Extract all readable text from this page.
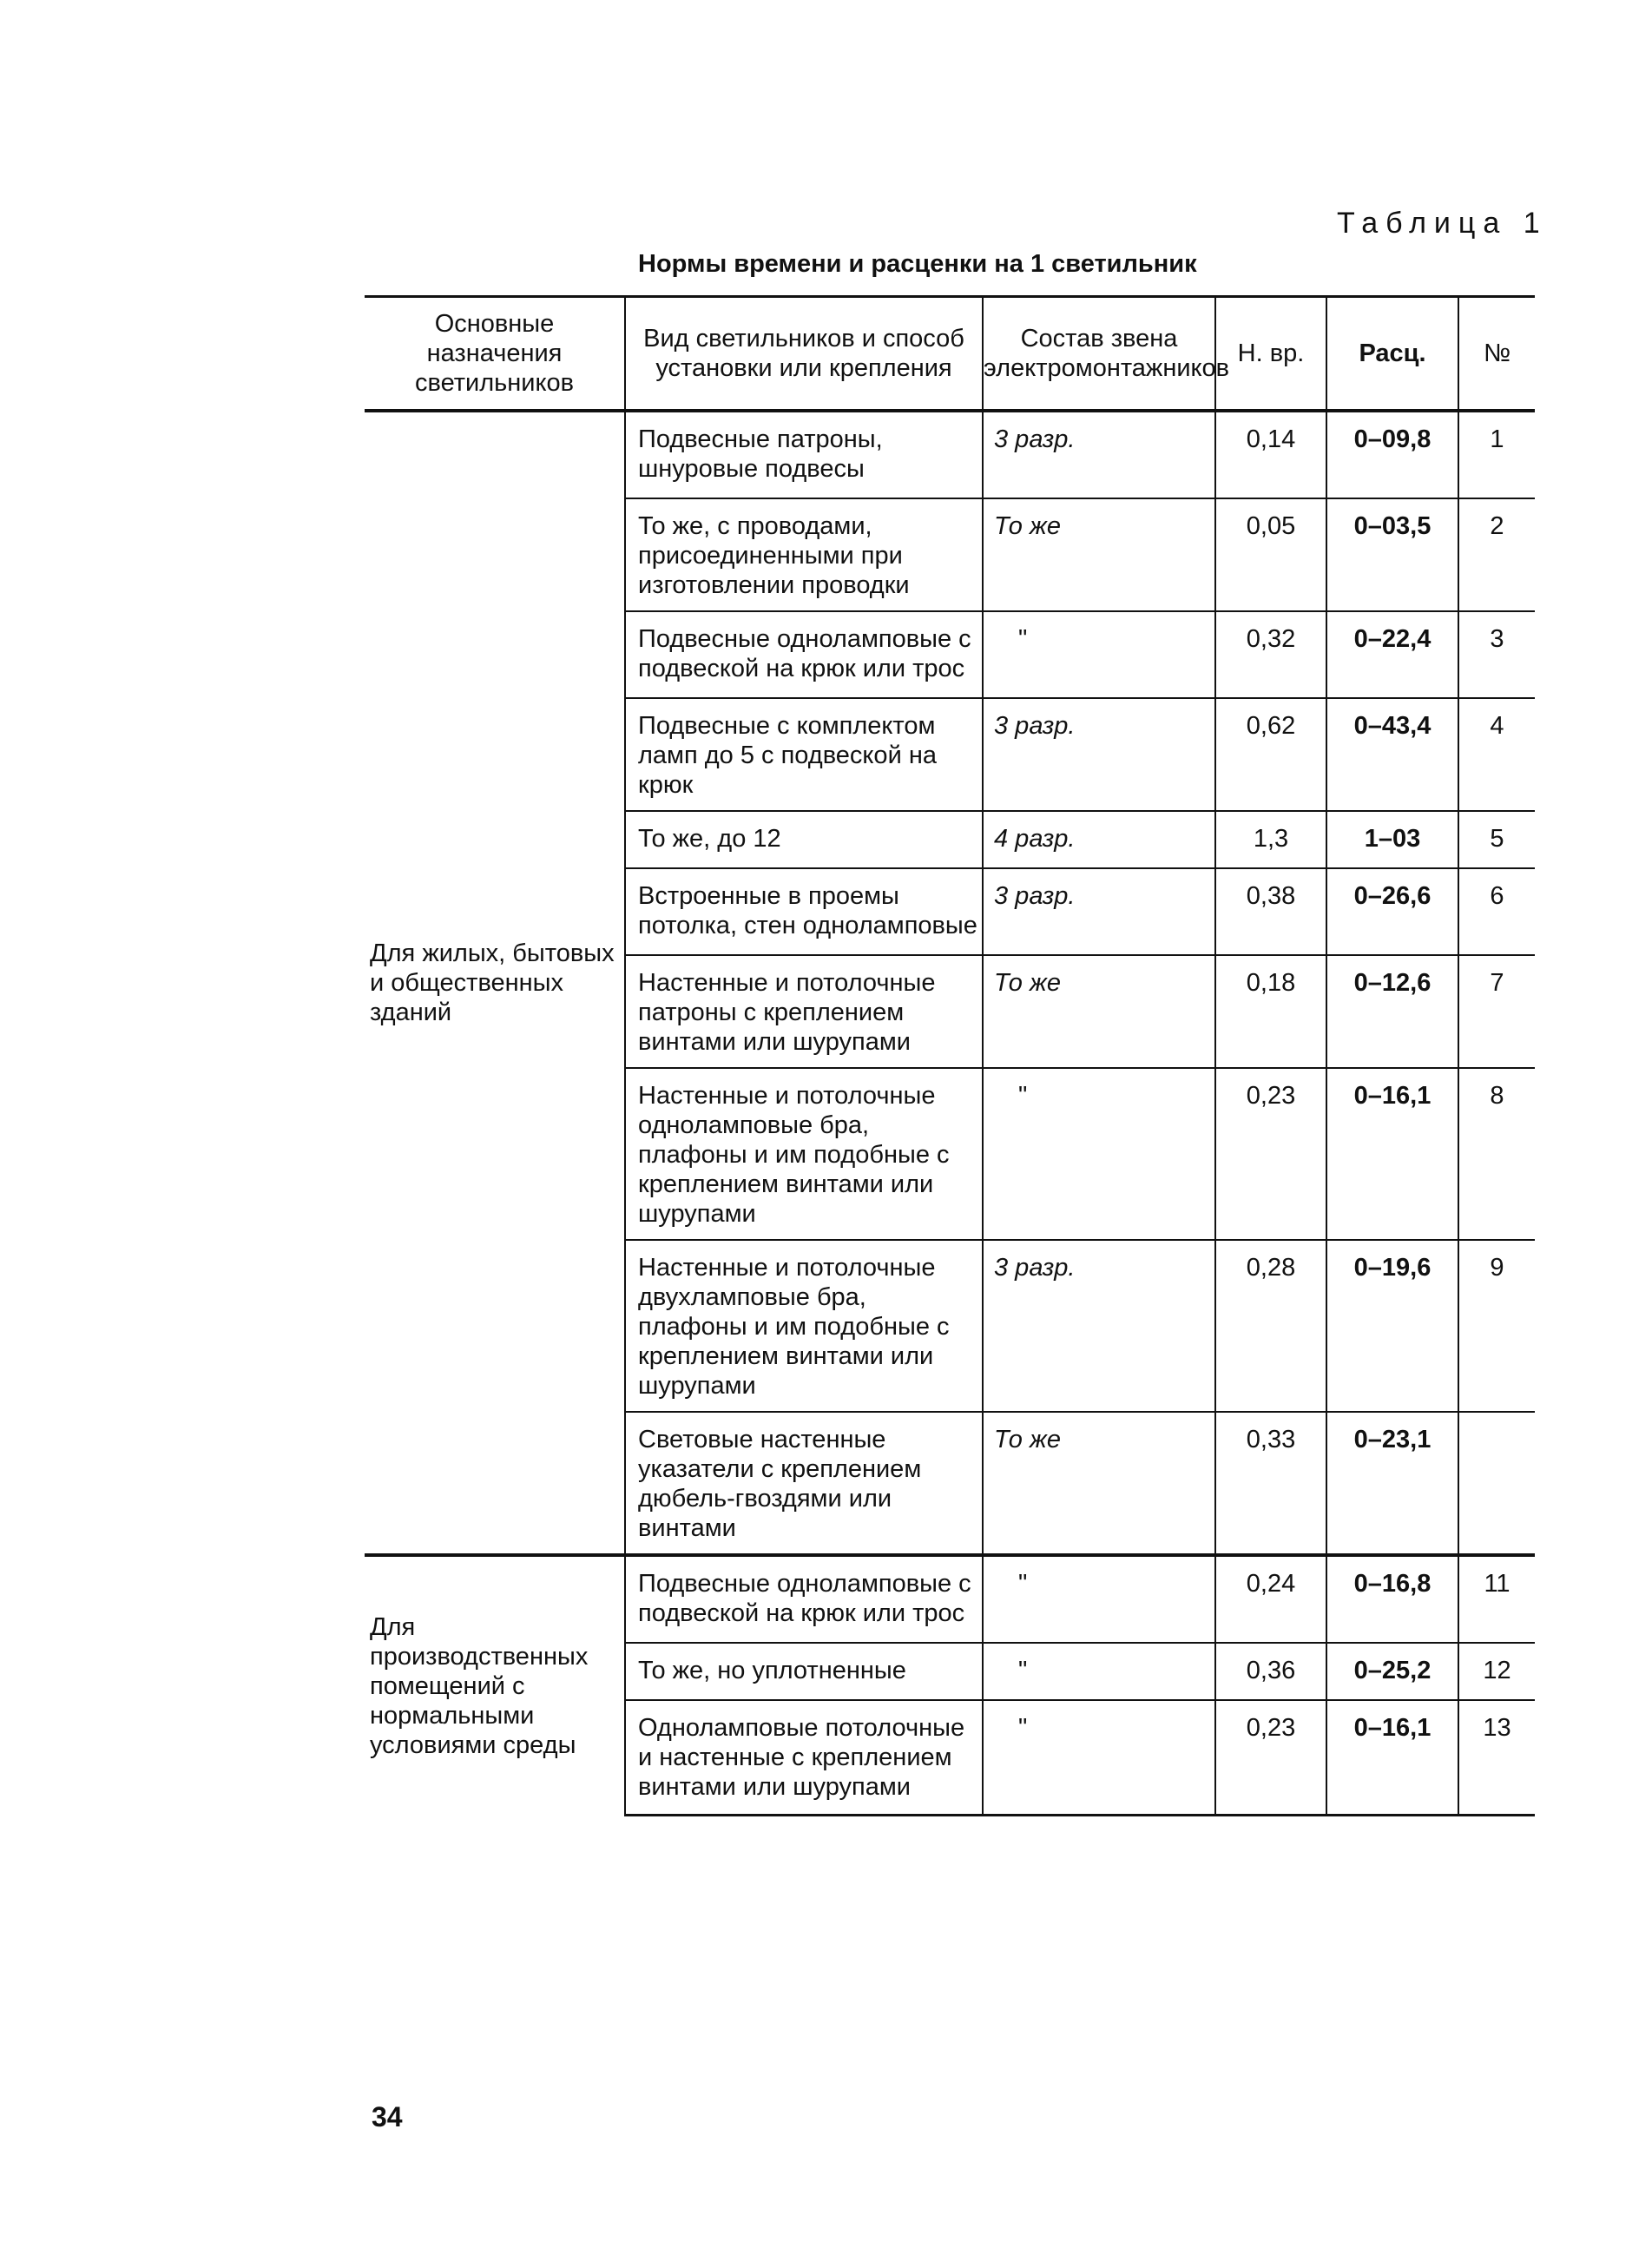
Таблица 1
Нормы времени и расценки на 1 светильник
Основные назначения светильников	Вид светильников и способ установки или крепления	Состав звена электромонтажников	Н. вр.	Расц.	№
Для жилых, бытовых и общественных зданий	Подвесные патроны, шнуровые подвесы	3 разр.	0,14	0–09,8	1
	То же, с проводами, присоединенными при изготовлении проводки	То же	0,05	0–03,5	2
	Подвесные одноламповые с подвеской на крюк или трос	"	0,32	0–22,4	3
	Подвесные с комплектом ламп до 5 с подвеской на крюк	3 разр.	0,62	0–43,4	4
	То же, до 12	4 разр.	1,3	1–03	5
	Встроенные в проемы потолка, стен одноламповые	3 разр.	0,38	0–26,6	6
	Настенные и потолочные патроны с креплением винтами или шурупами	То же	0,18	0–12,6	7
	Настенные и потолочные одноламповые бра, плафоны и им подобные с креплением винтами или шурупами	"	0,23	0–16,1	8
	Настенные и потолочные двухламповые бра, плафоны и им подобные с креплением винтами или шурупами	3 разр.	0,28	0–19,6	9
	Световые настенные указатели с креплением дюбель-гвоздями или винтами	То же	0,33	0–23,1	
Для производственных помещений с нормальными условиями среды	Подвесные одноламповые с подвеской на крюк или трос	"	0,24	0–16,8	11
	То же, но уплотненные	"	0,36	0–25,2	12
	Одноламповые потолочные и настенные с креплением винтами или шурупами	"	0,23	0–16,1	13
34
